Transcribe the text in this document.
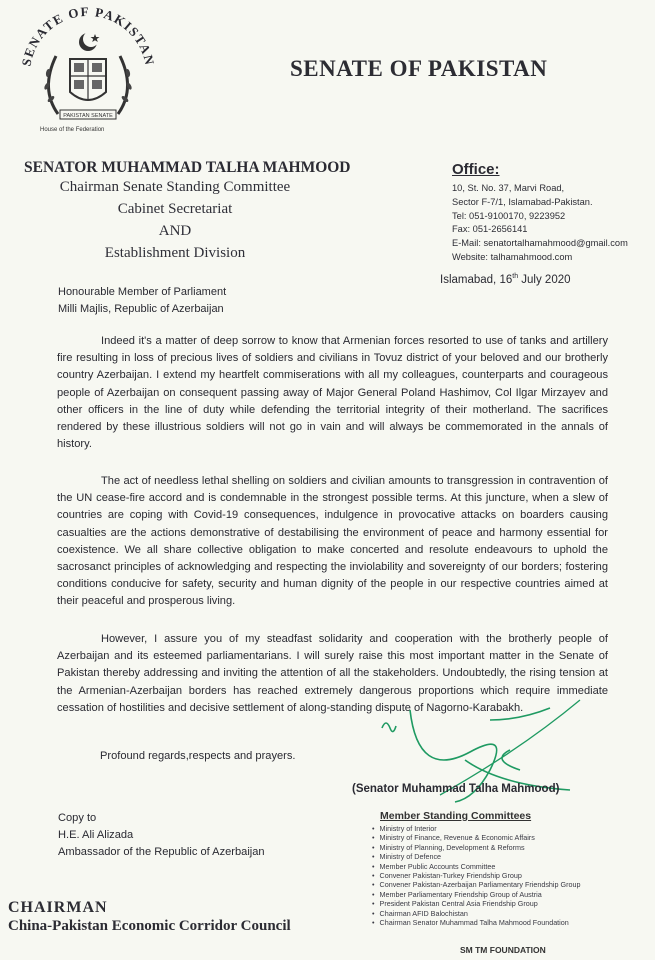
SENATE OF PAKISTAN
PAKISTAN SENATE
House of the Federation
SENATE OF PAKISTAN
SENATOR MUHAMMAD TALHA MAHMOOD
Chairman Senate Standing Committee
Cabinet Secretariat
AND
Establishment Division
Office:
10, St. No. 37, Marvi Road,
Sector F-7/1, Islamabad-Pakistan.
Tel: 051-9100170, 9223952
Fax: 051-2656141
E-Mail: senatortalhamahmood@gmail.com
Website: talhamahmood.com
Islamabad, 16th July 2020
Honourable Member of Parliament
Milli Majlis, Republic of Azerbaijan
Indeed it's a matter of deep sorrow to know that Armenian forces resorted to use of tanks and artillery fire resulting in loss of precious lives of soldiers and civilians in Tovuz district of your beloved and our brotherly country Azerbaijan. I extend my heartfelt commiserations with all my colleagues, counterparts and courageous people of Azerbaijan on consequent passing away of Major General Poland Hashimov, Col Ilgar Mirzayev and other officers in the line of duty while defending the territorial integrity of their motherland. The sacrifices rendered by these illustrious soldiers will not go in vain and will always be commemorated in the annals of history.
The act of needless lethal shelling on soldiers and civilian amounts to transgression in contravention of the UN cease-fire accord and is condemnable in the strongest possible terms. At this juncture, when a slew of countries are coping with Covid-19 consequences, indulgence in provocative attacks on boarders causing casualties are the actions demonstrative of destabilising the environment of peace and harmony essential for coexistence. We all share collective obligation to make concerted and resolute endeavours to uphold the sacrosanct principles of acknowledging and respecting the inviolability and sovereignty of our borders; fostering conditions conducive for safety, security and human dignity of the people in our respective countries aimed at their peaceful and prosperous living.
However, I assure you of my steadfast solidarity and cooperation with the brotherly people of Azerbaijan and its esteemed parliamentarians. I will surely raise this most important matter in the Senate of Pakistan thereby addressing and inviting the attention of all the stakeholders. Undoubtedly, the rising tension at the Armenian-Azerbaijan borders has reached extremely dangerous proportions which require immediate cessation of hostilities and decisive settlement of along-standing dispute of Nagorno-Karabakh.
Profound regards,respects and prayers.
(Senator Muhammad Talha Mahmood)
Member Standing Committees
• Ministry of Interior
• Ministry of Finance, Revenue & Economic Affairs
• Ministry of Planning, Development & Reforms
• Ministry of Defence
• Member Public Accounts Committee
• Convener Pakistan-Turkey Friendship Group
• Convener Pakistan-Azerbaijan Parliamentary Friendship Group
• Member Parliamentary Friendship Group of Austria
• President Pakistan Central Asia Friendship Group
• Chairman AFID Balochistan
• Chairman Senator Muhammad Talha Mahmood Foundation
SM TM FOUNDATION
Copy to
H.E. Ali Alizada
Ambassador of the Republic of Azerbaijan
CHAIRMAN
China-Pakistan Economic Corridor Council
